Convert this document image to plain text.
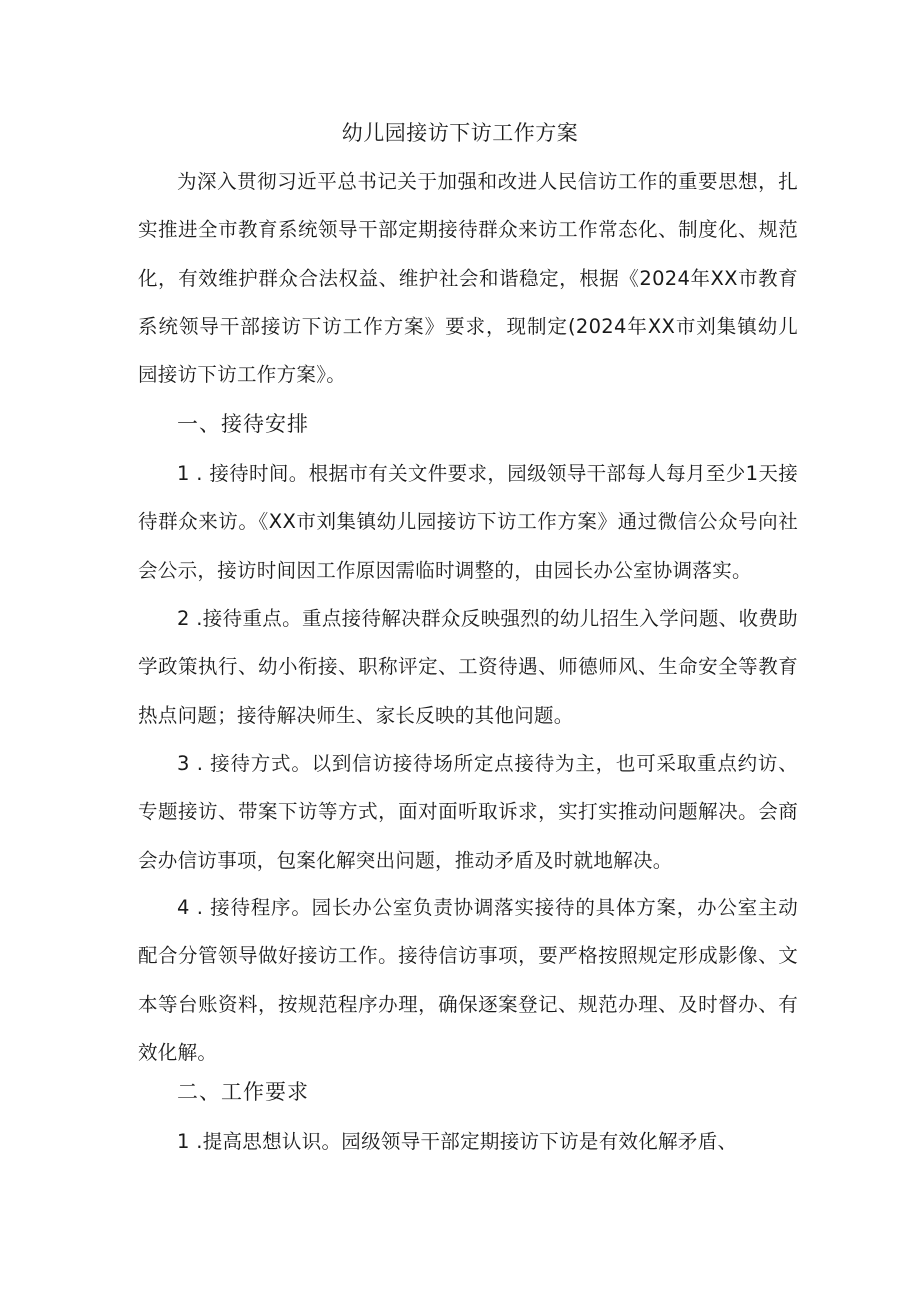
幼儿园接访下访工作方案

为深入贯彻习近平总书记关于加强和改进人民信访工作的重要思想，扎实推进全市教育系统领导干部定期接待群众来访工作常态化、制度化、规范化，有效维护群众合法权益、维护社会和谐稳定，根据《2024年XX市教育系统领导干部接访下访工作方案》要求，现制定(2024年XX市刘集镇幼儿园接访下访工作方案》。

一、接待安排

1 . 接待时间。根据市有关文件要求，园级领导干部每人每月至少1天接待群众来访。《XX市刘集镇幼儿园接访下访工作方案》通过微信公众号向社会公示，接访时间因工作原因需临时调整的，由园长办公室协调落实。

2 .接待重点。重点接待解决群众反映强烈的幼儿招生入学问题、收费助学政策执行、幼小衔接、职称评定、工资待遇、师德师风、生命安全等教育热点问题；接待解决师生、家长反映的其他问题。

3 . 接待方式。以到信访接待场所定点接待为主，也可采取重点约访、专题接访、带案下访等方式，面对面听取诉求，实打实推动问题解决。会商会办信访事项，包案化解突出问题，推动矛盾及时就地解决。

4 . 接待程序。园长办公室负责协调落实接待的具体方案，办公室主动配合分管领导做好接访工作。接待信访事项，要严格按照规定形成影像、文本等台账资料，按规范程序办理，确保逐案登记、规范办理、及时督办、有效化解。

二、工作要求

1 .提高思想认识。园级领导干部定期接访下访是有效化解矛盾、
